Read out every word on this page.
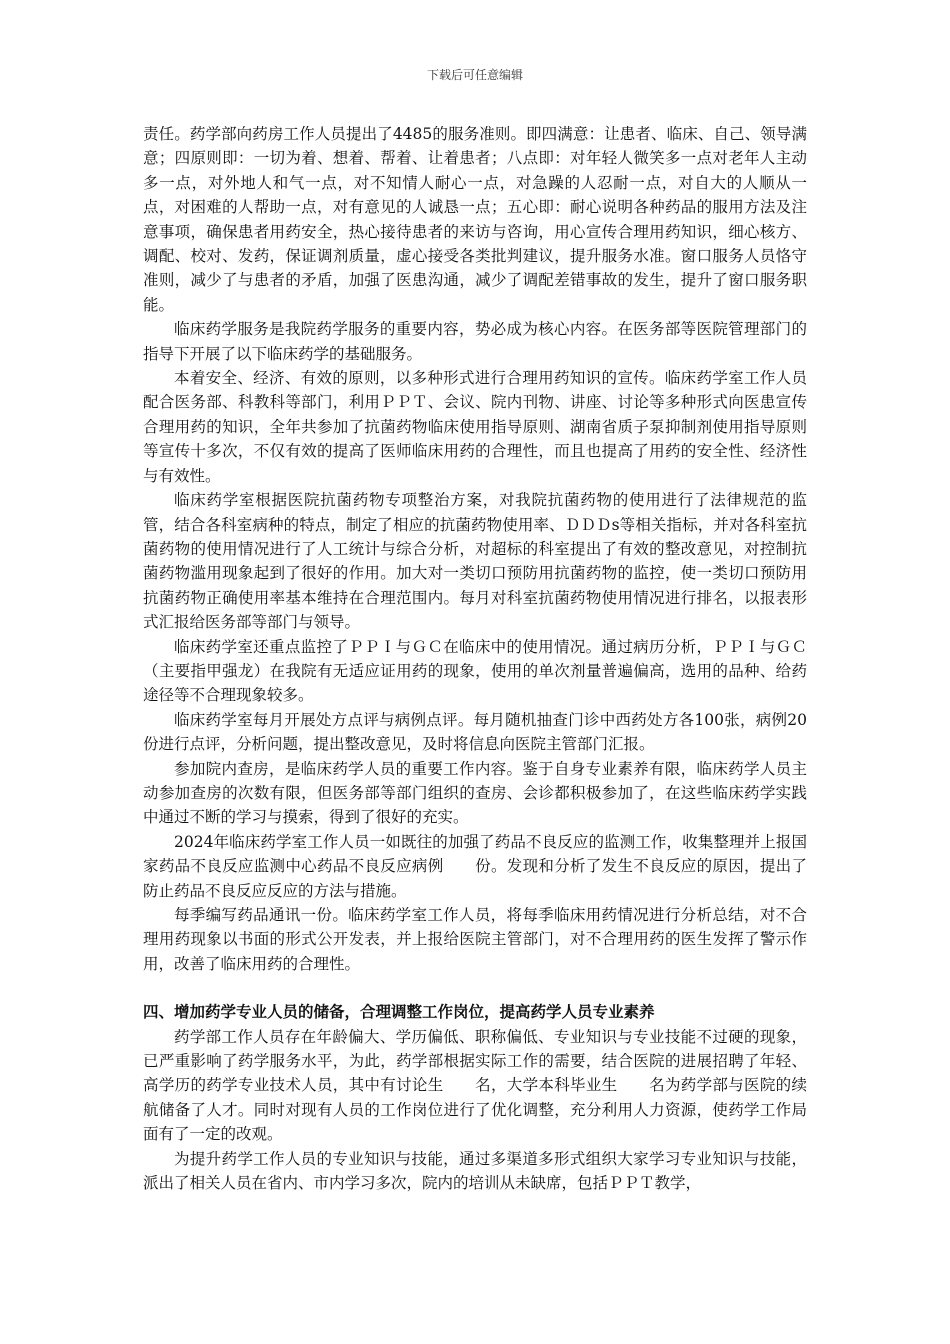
下载后可任意编辑

责任。药学部向药房工作人员提出了4485的服务准则。即四满意：让患者、临床、自己、领导满意；四原则即：一切为着、想着、帮着、让着患者；八点即：对年轻人微笑多一点对老年人主动多一点，对外地人和气一点，对不知情人耐心一点，对急躁的人忍耐一点，对自大的人顺从一点，对困难的人帮助一点，对有意见的人诚恳一点；五心即：耐心说明各种药品的服用方法及注意事项，确保患者用药安全，热心接待患者的来访与咨询，用心宣传合理用药知识，细心核方、调配、校对、发药，保证调剂质量，虚心接受各类批判建议，提升服务水准。窗口服务人员恪守准则，减少了与患者的矛盾，加强了医患沟通，减少了调配差错事故的发生，提升了窗口服务职能。

临床药学服务是我院药学服务的重要内容，势必成为核心内容。在医务部等医院管理部门的指导下开展了以下临床药学的基础服务。

本着安全、经济、有效的原则，以多种形式进行合理用药知识的宣传。临床药学室工作人员配合医务部、科教科等部门，利用ＰＰＴ、会议、院内刊物、讲座、讨论等多种形式向医患宣传合理用药的知识，全年共参加了抗菌药物临床使用指导原则、湖南省质子泵抑制剂使用指导原则等宣传十多次，不仅有效的提高了医师临床用药的合理性，而且也提高了用药的安全性、经济性与有效性。

临床药学室根据医院抗菌药物专项整治方案，对我院抗菌药物的使用进行了法律规范的监管，结合各科室病种的特点，制定了相应的抗菌药物使用率、ＤＤＤs等相关指标，并对各科室抗菌药物的使用情况进行了人工统计与综合分析，对超标的科室提出了有效的整改意见，对控制抗菌药物滥用现象起到了很好的作用。加大对一类切口预防用抗菌药物的监控，使一类切口预防用抗菌药物正确使用率基本维持在合理范围内。每月对科室抗菌药物使用情况进行排名，以报表形式汇报给医务部等部门与领导。

临床药学室还重点监控了ＰＰＩ与ＧＣ在临床中的使用情况。通过病历分析，ＰＰＩ与ＧＣ（主要指甲强龙）在我院有无适应证用药的现象，使用的单次剂量普遍偏高，选用的品种、给药途径等不合理现象较多。

临床药学室每月开展处方点评与病例点评。每月随机抽查门诊中西药处方各100张，病例20份进行点评，分析问题，提出整改意见，及时将信息向医院主管部门汇报。

参加院内查房，是临床药学人员的重要工作内容。鉴于自身专业素养有限，临床药学人员主动参加查房的次数有限，但医务部等部门组织的查房、会诊都积极参加了，在这些临床药学实践中通过不断的学习与摸索，得到了很好的充实。

2024年临床药学室工作人员一如既往的加强了药品不良反应的监测工作，收集整理并上报国家药品不良反应监测中心药品不良反应病例　　份。发现和分析了发生不良反应的原因，提出了防止药品不良反应反应的方法与措施。

每季编写药品通讯一份。临床药学室工作人员，将每季临床用药情况进行分析总结，对不合理用药现象以书面的形式公开发表，并上报给医院主管部门，对不合理用药的医生发挥了警示作用，改善了临床用药的合理性。

四、增加药学专业人员的储备，合理调整工作岗位，提高药学人员专业素养

药学部工作人员存在年龄偏大、学历偏低、职称偏低、专业知识与专业技能不过硬的现象，已严重影响了药学服务水平，为此，药学部根据实际工作的需要，结合医院的进展招聘了年轻、高学历的药学专业技术人员，其中有讨论生　　名，大学本科毕业生　　名为药学部与医院的续航储备了人才。同时对现有人员的工作岗位进行了优化调整，充分利用人力资源，使药学工作局面有了一定的改观。

为提升药学工作人员的专业知识与技能，通过多渠道多形式组织大家学习专业知识与技能，派出了相关人员在省内、市内学习多次，院内的培训从未缺席，包括ＰＰＴ教学，
